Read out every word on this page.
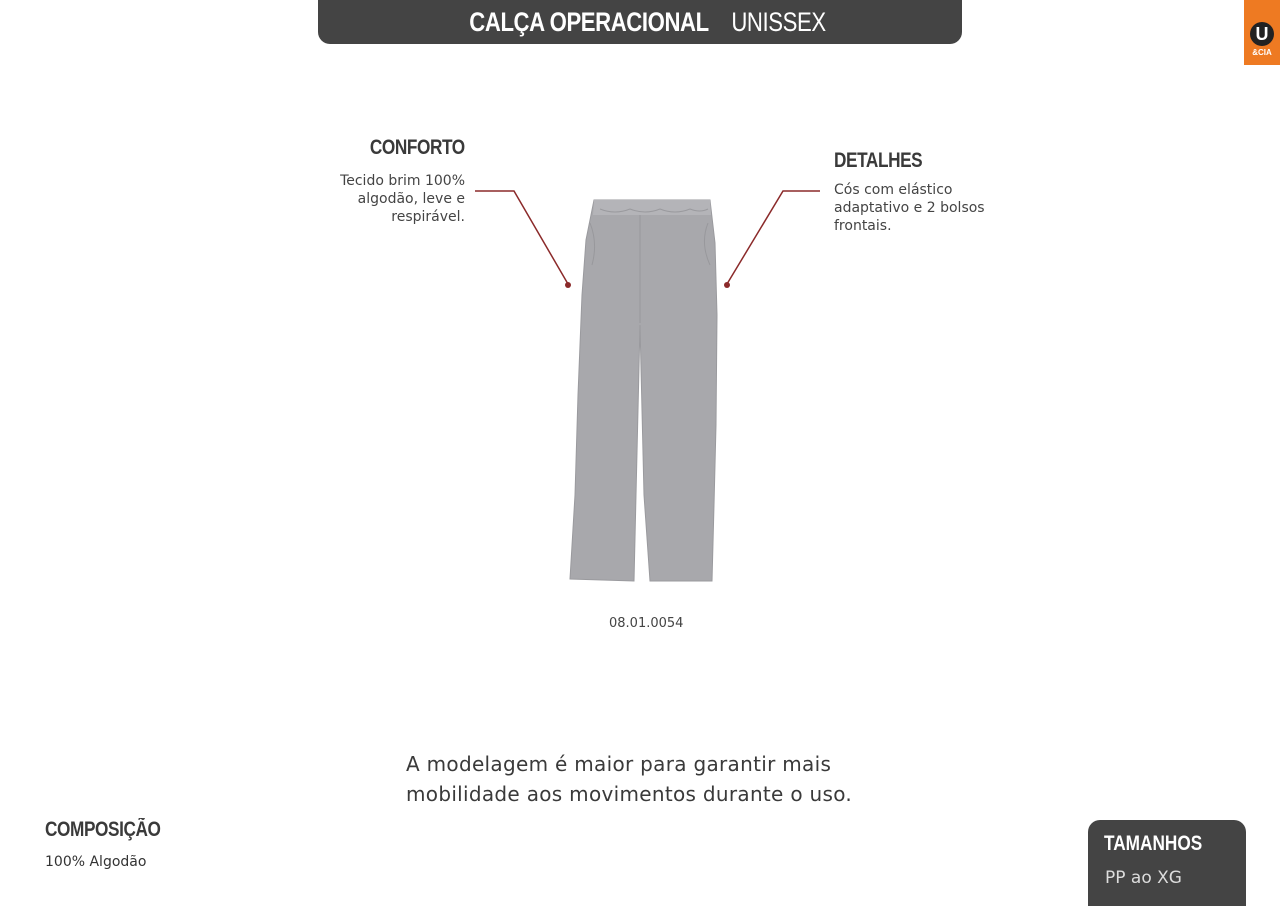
CALÇA OPERACIONAL UNISSEX	U
&CIA
CONFORTO
Tecido brim 100% algodão, leve e respirável.
DETALHES
Cós com elástico adaptativo e 2 bolsos frontais.
08.01.0054
A modelagem é maior para garantir mais
mobilidade aos movimentos durante o uso.
COMPOSIÇÃO
100% Algodão
TAMANHOS
PP ao XG
